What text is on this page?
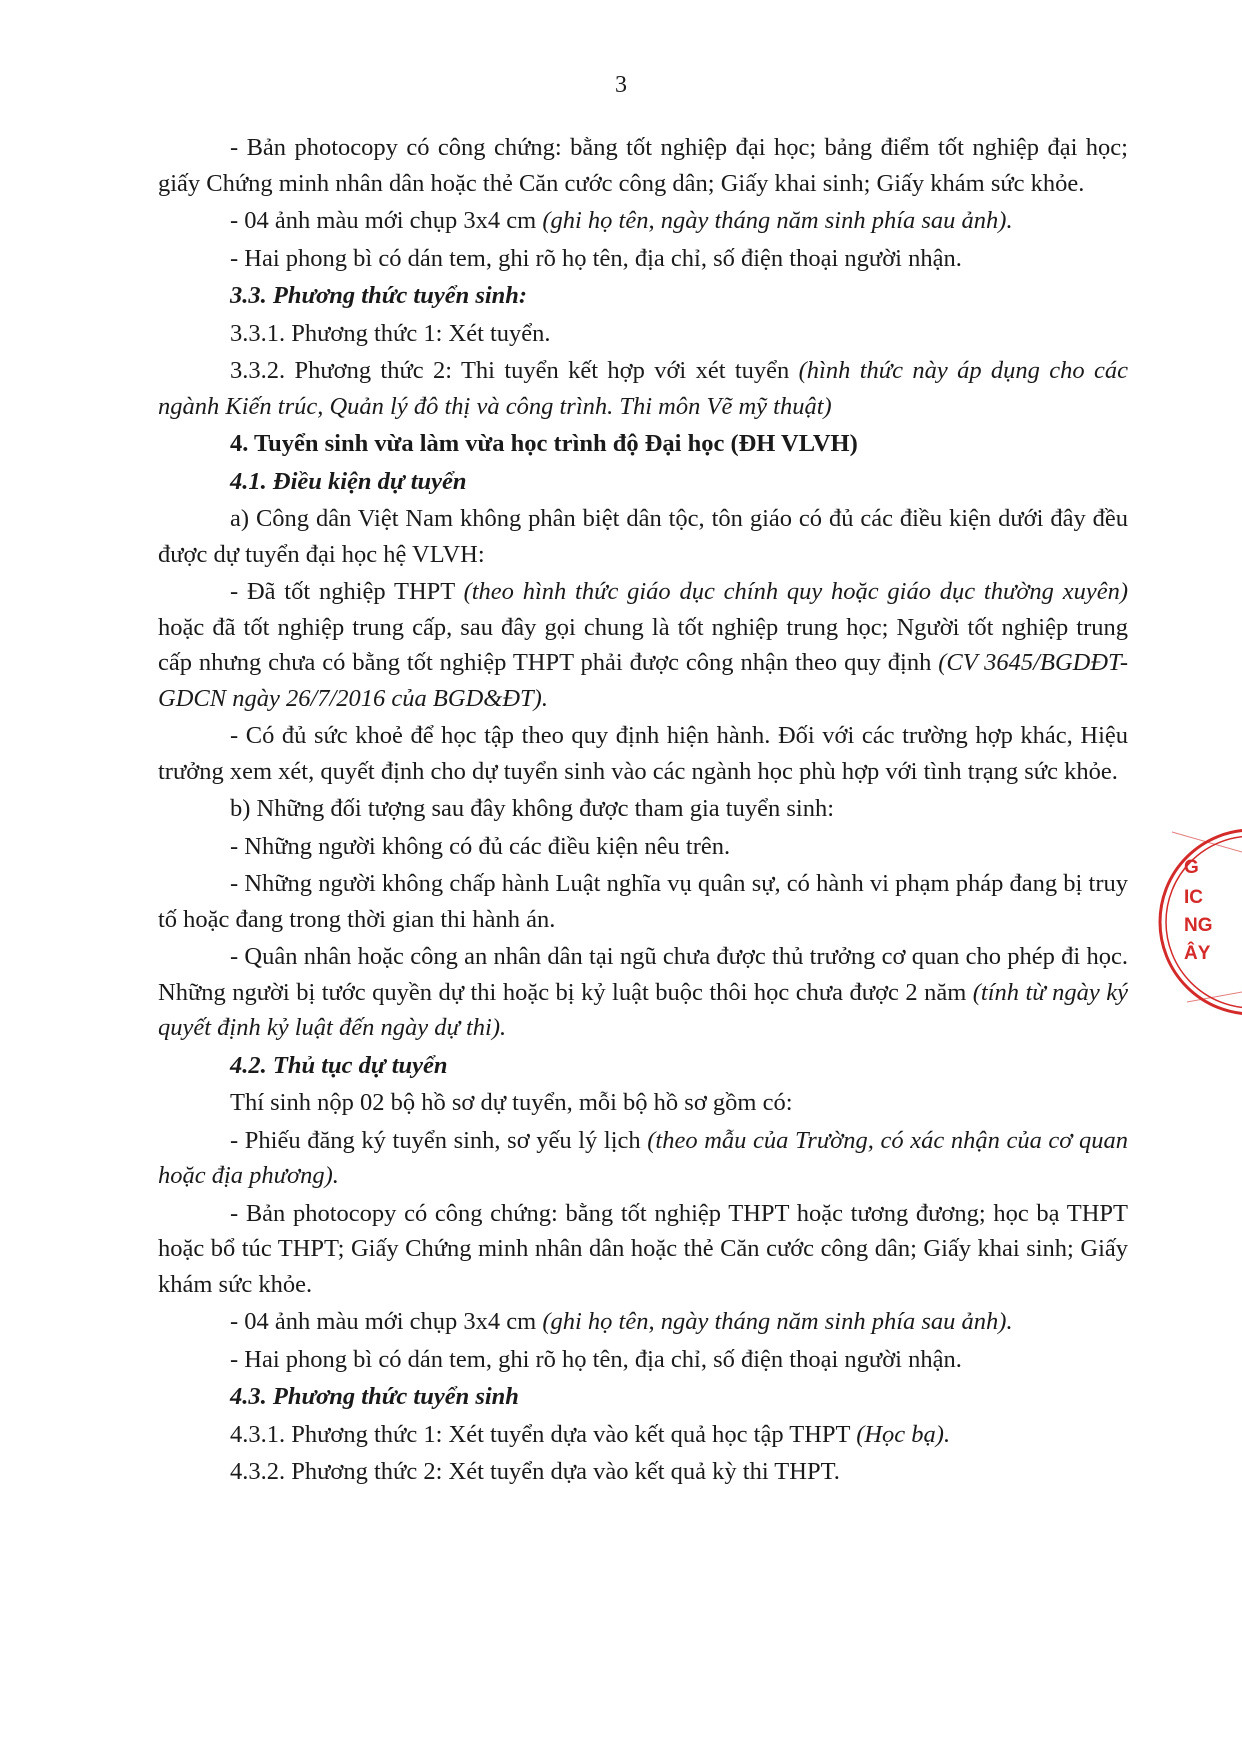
3

- Bản photocopy có công chứng: bằng tốt nghiệp đại học; bảng điểm tốt nghiệp đại học; giấy Chứng minh nhân dân hoặc thẻ Căn cước công dân; Giấy khai sinh; Giấy khám sức khỏe.

- 04 ảnh màu mới chụp 3x4 cm (ghi họ tên, ngày tháng năm sinh phía sau ảnh).

- Hai phong bì có dán tem, ghi rõ họ tên, địa chỉ, số điện thoại người nhận.

3.3. Phương thức tuyển sinh:

3.3.1. Phương thức 1: Xét tuyển.

3.3.2. Phương thức 2: Thi tuyển kết hợp với xét tuyển (hình thức này áp dụng cho các ngành Kiến trúc, Quản lý đô thị và công trình. Thi môn Vẽ mỹ thuật)

4. Tuyển sinh vừa làm vừa học trình độ Đại học (ĐH VLVH)

4.1. Điều kiện dự tuyển

a) Công dân Việt Nam không phân biệt dân tộc, tôn giáo có đủ các điều kiện dưới đây đều được dự tuyển đại học hệ VLVH:

- Đã tốt nghiệp THPT (theo hình thức giáo dục chính quy hoặc giáo dục thường xuyên) hoặc đã tốt nghiệp trung cấp, sau đây gọi chung là tốt nghiệp trung học; Người tốt nghiệp trung cấp nhưng chưa có bằng tốt nghiệp THPT phải được công nhận theo quy định (CV 3645/BGDĐT-GDCN ngày 26/7/2016 của BGD&ĐT).

- Có đủ sức khoẻ để học tập theo quy định hiện hành. Đối với các trường hợp khác, Hiệu trưởng xem xét, quyết định cho dự tuyển sinh vào các ngành học phù hợp với tình trạng sức khỏe.

b) Những đối tượng sau đây không được tham gia tuyển sinh:

- Những người không có đủ các điều kiện nêu trên.

- Những người không chấp hành Luật nghĩa vụ quân sự, có hành vi phạm pháp đang bị truy tố hoặc đang trong thời gian thi hành án.

- Quân nhân hoặc công an nhân dân tại ngũ chưa được thủ trưởng cơ quan cho phép đi học. Những người bị tước quyền dự thi hoặc bị kỷ luật buộc thôi học chưa được 2 năm (tính từ ngày ký quyết định kỷ luật đến ngày dự thi).

4.2. Thủ tục dự tuyển

Thí sinh nộp 02 bộ hồ sơ dự tuyển, mỗi bộ hồ sơ gồm có:

- Phiếu đăng ký tuyển sinh, sơ yếu lý lịch (theo mẫu của Trường, có xác nhận của cơ quan hoặc địa phương).

- Bản photocopy có công chứng: bằng tốt nghiệp THPT hoặc tương đương; học bạ THPT hoặc bổ túc THPT; Giấy Chứng minh nhân dân hoặc thẻ Căn cước công dân; Giấy khai sinh; Giấy khám sức khỏe.

- 04 ảnh màu mới chụp 3x4 cm (ghi họ tên, ngày tháng năm sinh phía sau ảnh).

- Hai phong bì có dán tem, ghi rõ họ tên, địa chỉ, số điện thoại người nhận.

4.3. Phương thức tuyển sinh

4.3.1. Phương thức 1: Xét tuyển dựa vào kết quả học tập THPT (Học bạ).

4.3.2. Phương thức 2: Xét tuyển dựa vào kết quả kỳ thi THPT.

G
IC
NG
ÂY
